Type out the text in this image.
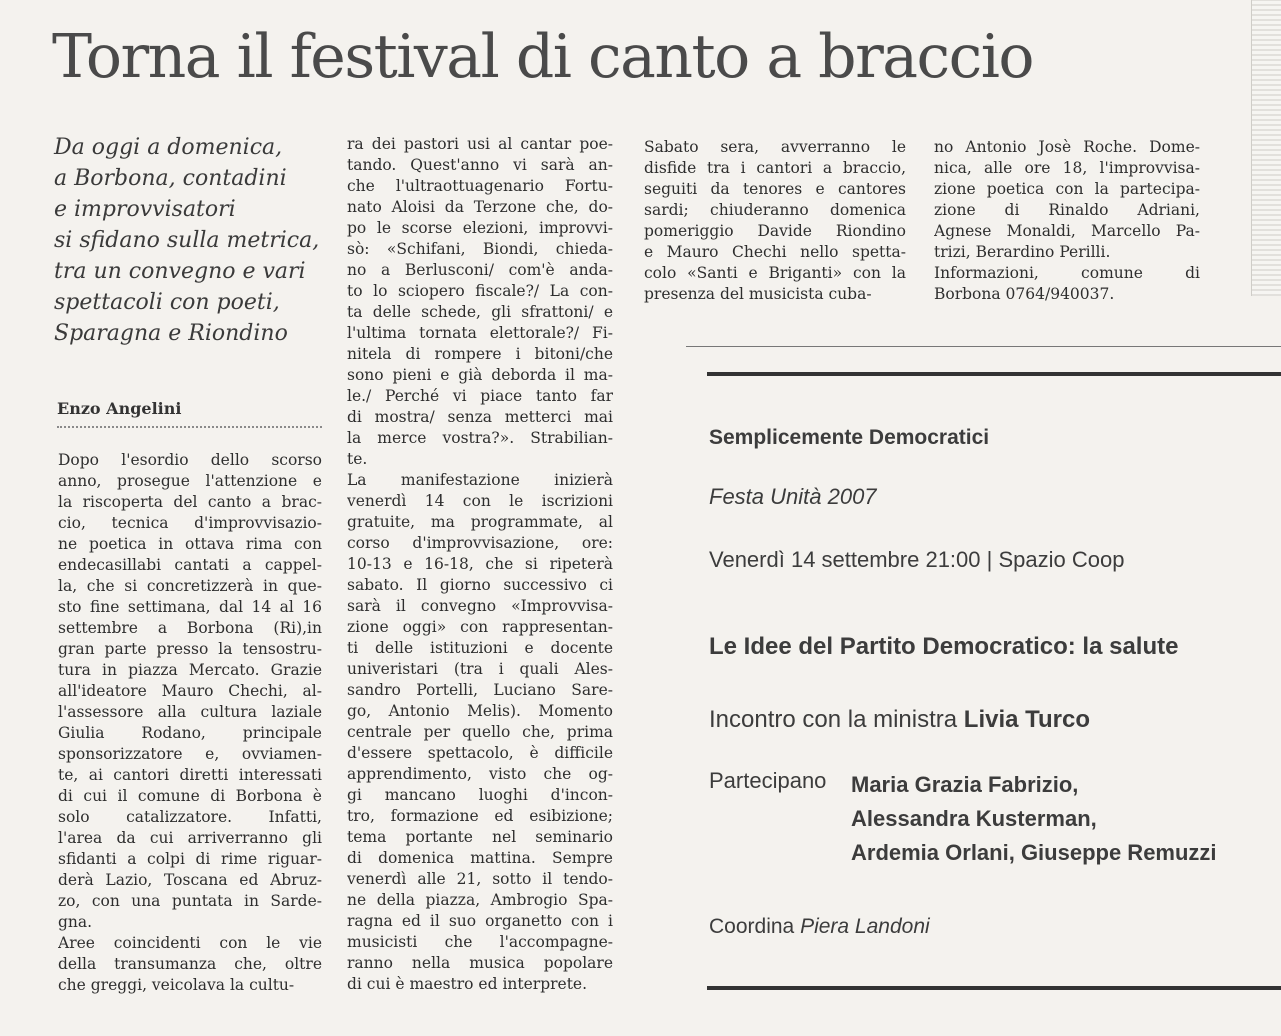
Torna il festival di canto a braccio
Da oggi a domenica,
a Borbona, contadini
e improvvisatori
si sfidano sulla metrica,
tra un convegno e vari
spettacoli con poeti,
Sparagna e Riondino
Enzo Angelini
Dopo l'esordio dello scorso
anno, prosegue l'attenzione e
la riscoperta del canto a brac-
cio, tecnica d'improvvisazio-
ne poetica in ottava rima con
endecasillabi cantati a cappel-
la, che si concretizzerà in que-
sto fine settimana, dal 14 al 16
settembre a Borbona (Ri),in
gran parte presso la tensostru-
tura in piazza Mercato. Grazie
all'ideatore Mauro Chechi, al-
l'assessore alla cultura laziale
Giulia Rodano, principale
sponsorizzatore e, ovviamen-
te, ai cantori diretti interessati
di cui il comune di Borbona è
solo catalizzatore. Infatti,
l'area da cui arriverranno gli
sfidanti a colpi di rime riguar-
derà Lazio, Toscana ed Abruz-
zo, con una puntata in Sarde-
gna.
Aree coincidenti con le vie
della transumanza che, oltre
che greggi, veicolava la cultu-
ra dei pastori usi al cantar poe-
tando. Quest'anno vi sarà an-
che l'ultraottuagenario Fortu-
nato Aloisi da Terzone che, do-
po le scorse elezioni, improvvi-
sò: «Schifani, Biondi, chieda-
no a Berlusconi/ com'è anda-
to lo sciopero fiscale?/ La con-
ta delle schede, gli sfrattoni/ e
l'ultima tornata elettorale?/ Fi-
nitela di rompere i bitoni/che
sono pieni e già deborda il ma-
le./ Perché vi piace tanto far
di mostra/ senza metterci mai
la merce vostra?». Strabilian-
te.
La manifestazione inizierà
venerdì 14 con le iscrizioni
gratuite, ma programmate, al
corso d'improvvisazione, ore:
10-13 e 16-18, che si ripeterà
sabato. Il giorno successivo ci
sarà il convegno «Improvvisa-
zione oggi» con rappresentan-
ti delle istituzioni e docente
univeristari (tra i quali Ales-
sandro Portelli, Luciano Sare-
go, Antonio Melis). Momento
centrale per quello che, prima
d'essere spettacolo, è difficile
apprendimento, visto che og-
gi mancano luoghi d'incon-
tro, formazione ed esibizione;
tema portante nel seminario
di domenica mattina. Sempre
venerdì alle 21, sotto il tendo-
ne della piazza, Ambrogio Spa-
ragna ed il suo organetto con i
musicisti che l'accompagne-
ranno nella musica popolare
di cui è maestro ed interprete.
Sabato sera, avverranno le
disfide tra i cantori a braccio,
seguiti da tenores e cantores
sardi; chiuderanno domenica
pomeriggio Davide Riondino
e Mauro Chechi nello spetta-
colo «Santi e Briganti» con la
presenza del musicista cuba-
no Antonio Josè Roche. Dome-
nica, alle ore 18, l'improvvisa-
zione poetica con la partecipa-
zione di Rinaldo Adriani,
Agnese Monaldi, Marcello Pa-
trizi, Berardino Perilli.
Informazioni, comune di
Borbona 0764/940037.
Semplicemente Democratici
Festa Unità 2007
Venerdì 14 settembre 21:00 | Spazio Coop
Le Idee del Partito Democratico: la salute
Incontro con la ministra Livia Turco
Partecipano Maria Grazia Fabrizio,
Alessandra Kusterman,
Ardemia Orlani, Giuseppe Remuzzi
Coordina Piera Landoni
